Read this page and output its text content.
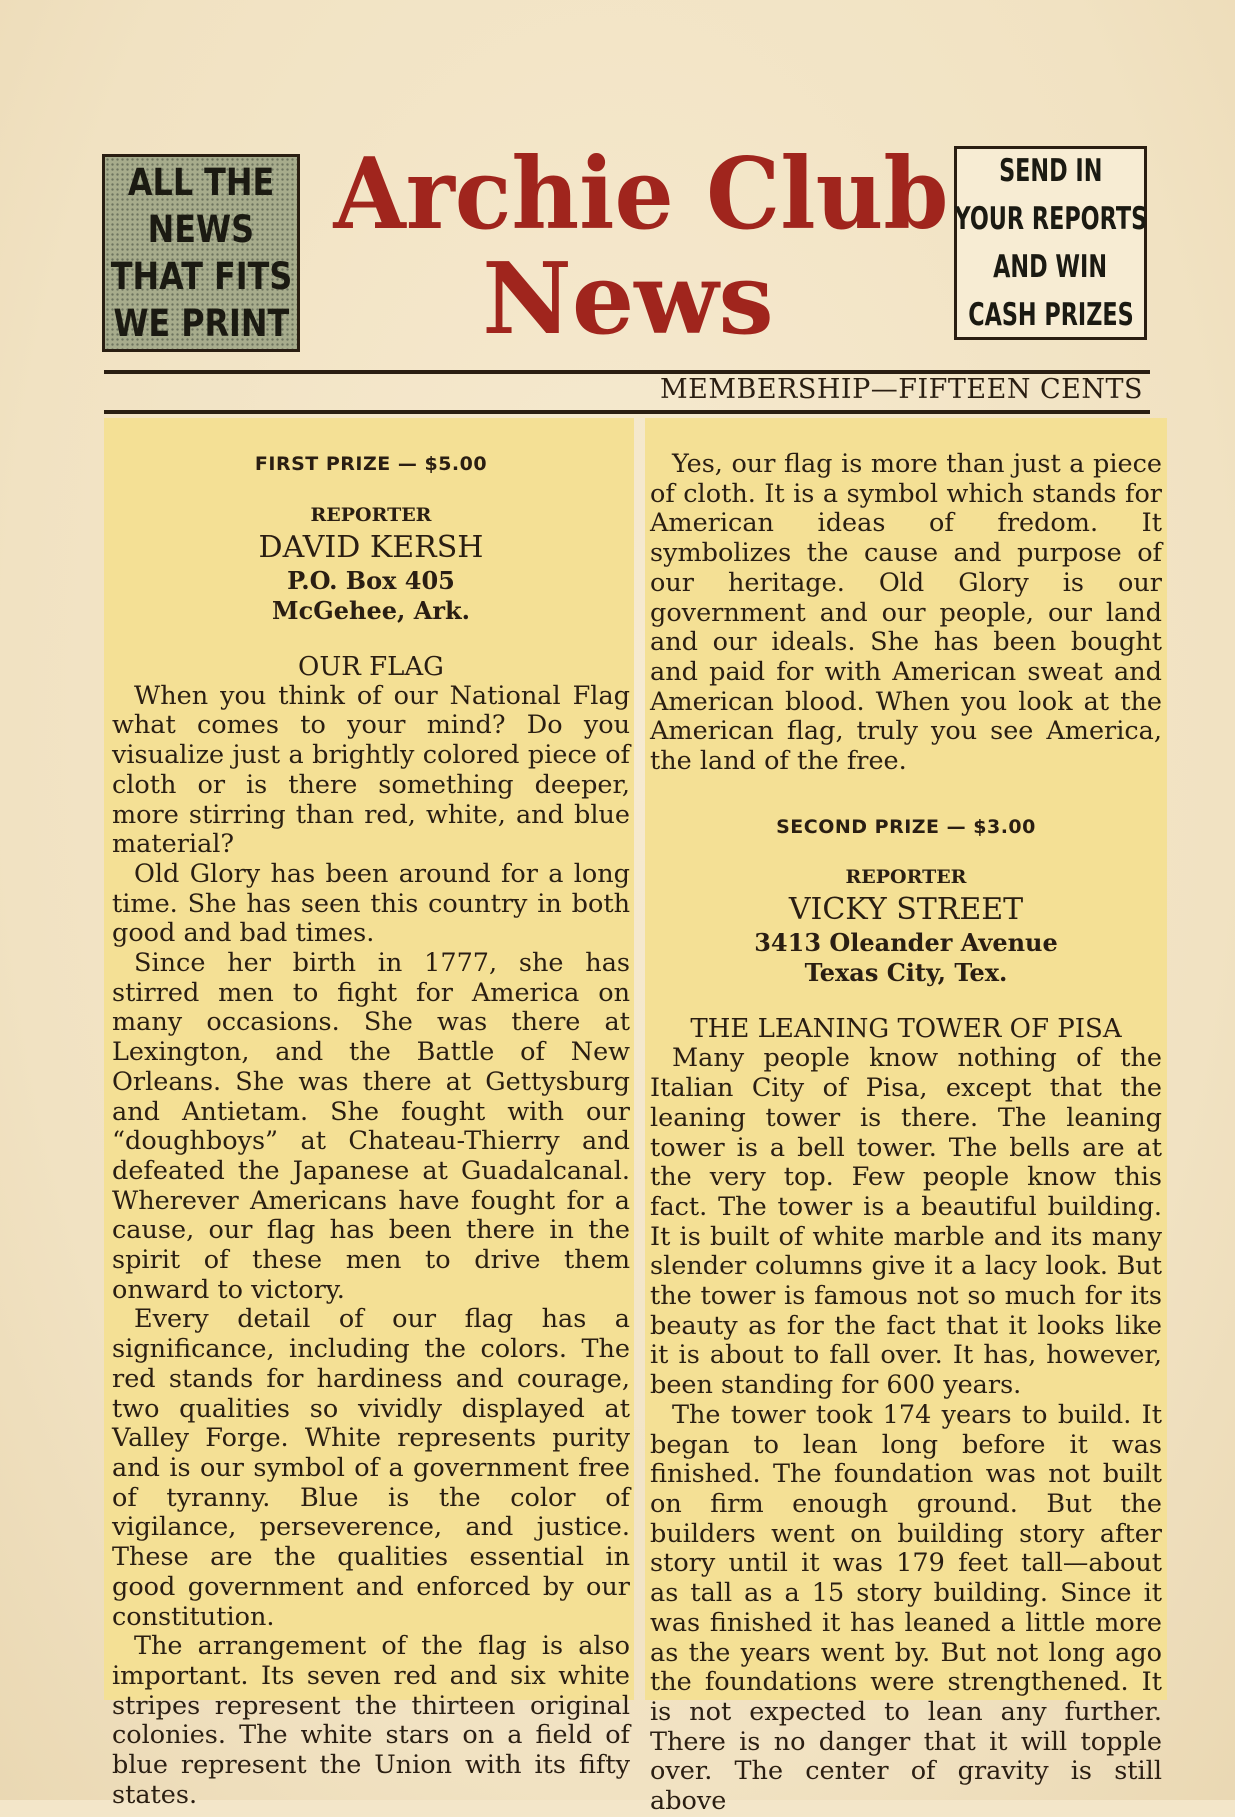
ALL THE
NEWS
THAT FITS
WE PRINT
Archie Club
News
SEND IN
YOUR REPORTS
AND WIN
CASH PRIZES
MEMBERSHIP—FIFTEEN CENTS
FIRST PRIZE — $5.00
REPORTER
DAVID KERSH
P.O. Box 405
McGehee, Ark.
OUR FLAG

When you think of our National Flag what comes to your mind? Do you visualize just a brightly colored piece of cloth or is there something deeper, more stirring than red, white, and blue material?

Old Glory has been around for a long time. She has seen this country in both good and bad times.

Since her birth in 1777, she has stirred men to fight for America on many occasions. She was there at Lexington, and the Battle of New Orleans. She was there at Gettysburg and Antietam. She fought with our “doughboys” at Chateau-Thierry and defeated the Japanese at Guadalcanal. Wherever Americans have fought for a cause, our flag has been there in the spirit of these men to drive them onward to victory.

Every detail of our flag has a significance, including the colors. The red stands for hardiness and courage, two qualities so vividly displayed at Valley Forge. White represents purity and is our symbol of a government free of tyranny. Blue is the color of vigilance, perseverence, and justice. These are the qualities essential in good government and enforced by our constitution.

The arrangement of the flag is also important. Its seven red and six white stripes represent the thirteen original colonies. The white stars on a field of blue represent the Union with its fifty states.

Yes, our flag is more than just a piece of cloth. It is a symbol which stands for American ideas of fredom. It symbolizes the cause and purpose of our heritage. Old Glory is our government and our people, our land and our ideals. She has been bought and paid for with American sweat and American blood. When you look at the American flag, truly you see America, the land of the free.

SECOND PRIZE — $3.00
REPORTER
VICKY STREET
3413 Oleander Avenue
Texas City, Tex.
THE LEANING TOWER OF PISA

Many people know nothing of the Italian City of Pisa, except that the leaning tower is there. The leaning tower is a bell tower. The bells are at the very top. Few people know this fact. The tower is a beautiful building. It is built of white marble and its many slender columns give it a lacy look. But the tower is famous not so much for its beauty as for the fact that it looks like it is about to fall over. It has, however, been standing for 600 years.

The tower took 174 years to build. It began to lean long before it was finished. The foundation was not built on firm enough ground. But the builders went on building story after story until it was 179 feet tall—about as tall as a 15 story building. Since it was finished it has leaned a little more as the years went by. But not long ago the foundations were strengthened. It is not expected to lean any further. There is no danger that it will topple over. The center of gravity is still above
